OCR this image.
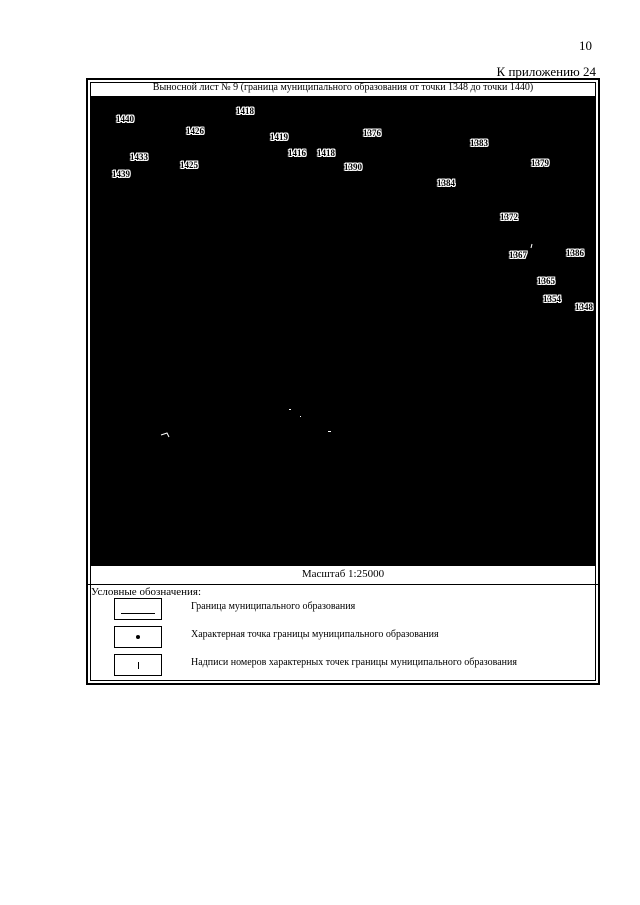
10
К приложению 24
Выносной лист № 9 (граница муниципального образования от точки 1348 до точки 1440)
1440
1418
1426
1419	1376
1383
1433
1425
1416 1418
1390	1379
1439
1384
1372
1367	1386
1365
1354
1348
Масштаб 1:25000
Условные обозначения:
Граница муниципального образования
Характерная точка границы муниципального образования
Надписи номеров характерных точек границы муниципального образования
